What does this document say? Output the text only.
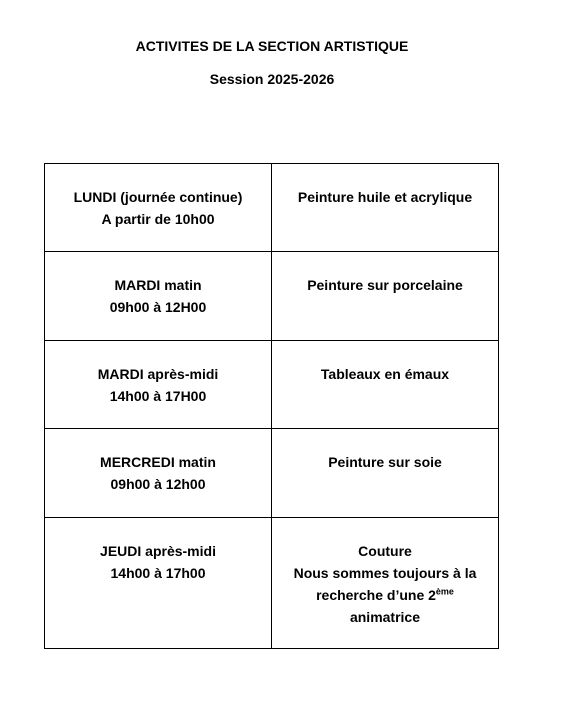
ACTIVITES DE LA SECTION ARTISTIQUE
Session 2025-2026
LUNDI (journée continue)
A partir de 10h00	Peinture huile et acrylique

MARDI matin
09h00 à 12H00	Peinture sur porcelaine

MARDI après-midi
14h00 à 17H00	Tableaux en émaux

MERCREDI matin
09h00 à 12h00	Peinture sur soie

JEUDI après-midi
14h00 à 17h00	Couture
Nous sommes toujours à la
recherche d’une 2ème
animatrice
